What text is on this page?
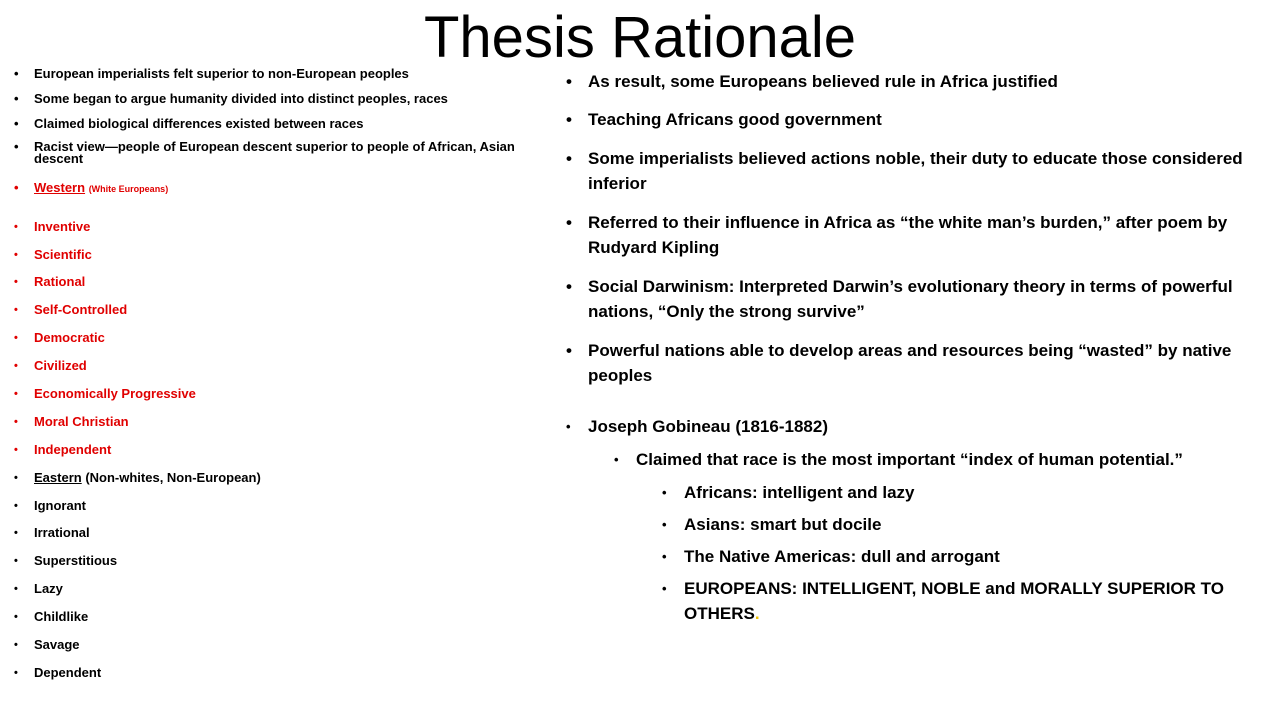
Thesis Rationale
• European imperialists felt superior to non-European peoples
• Some began to argue humanity divided into distinct peoples, races
• Claimed biological differences existed between races
• Racist view—people of European descent superior to people of African, Asian descent
• Western (White Europeans)
• Inventive
• Scientific
• Rational
• Self-Controlled
• Democratic
• Civilized
• Economically Progressive
• Moral Christian
• Independent
• Eastern (Non-whites, Non-European)
• Ignorant
• Irrational
• Superstitious
• Lazy
• Childlike
• Savage
• Dependent
• As result, some Europeans believed rule in Africa justified
• Teaching Africans good government
• Some imperialists believed actions noble, their duty to educate those considered inferior
• Referred to their influence in Africa as “the white man’s burden,” after poem by Rudyard Kipling
• Social Darwinism: Interpreted Darwin’s evolutionary theory in terms of powerful nations, “Only the strong survive”
• Powerful nations able to develop areas and resources being “wasted” by native peoples
• Joseph Gobineau (1816-1882)
• Claimed that race is the most important “index of human potential.”
• Africans: intelligent and lazy
• Asians: smart but docile
• The Native Americas: dull and arrogant
• EUROPEANS: INTELLIGENT, NOBLE and MORALLY SUPERIOR TO OTHERS.
